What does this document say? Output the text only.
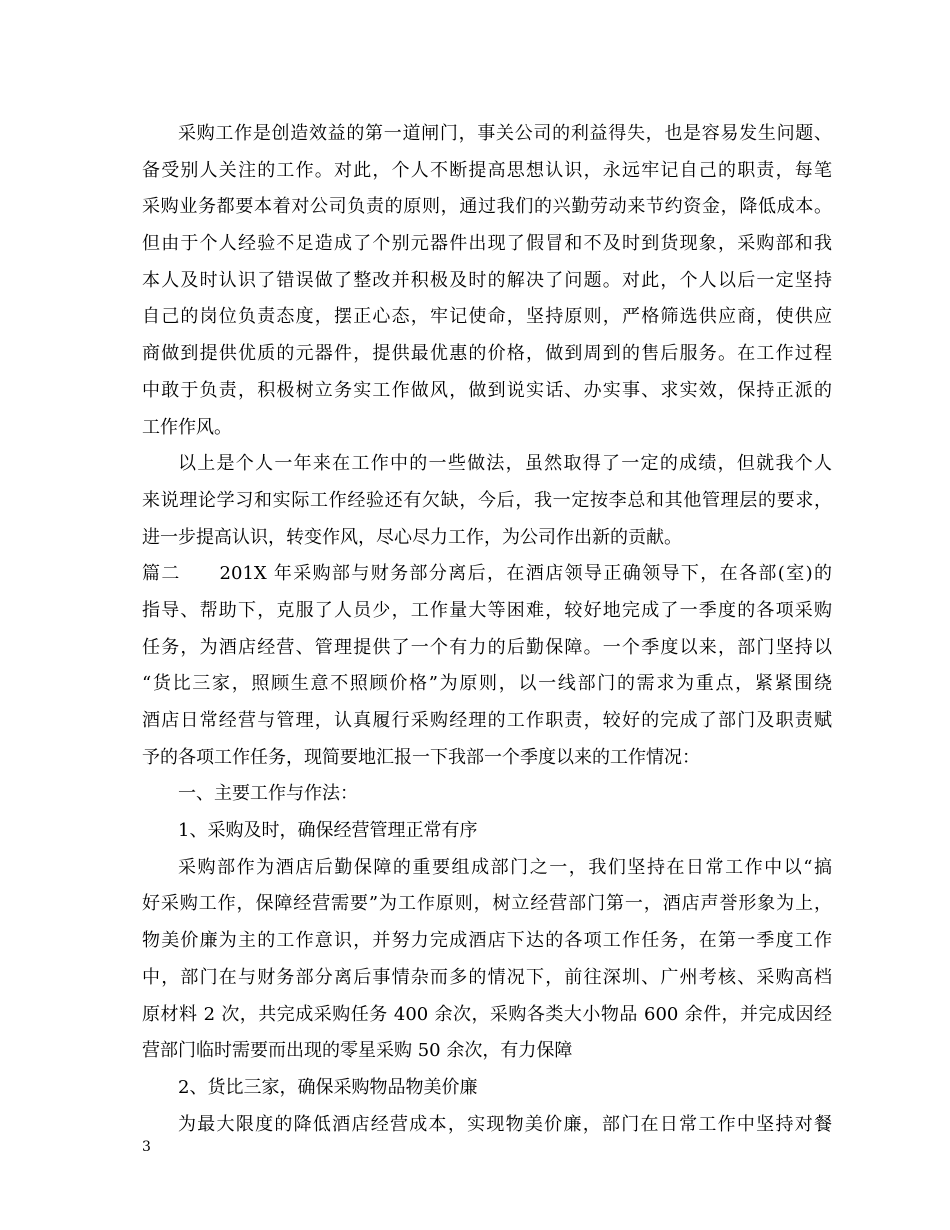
采购工作是创造效益的第一道闸门，事关公司的利益得失，也是容易发生问题、
备受别人关注的工作。对此，个人不断提高思想认识，永远牢记自己的职责，每笔
采购业务都要本着对公司负责的原则，通过我们的兴勤劳动来节约资金，降低成本。
但由于个人经验不足造成了个别元器件出现了假冒和不及时到货现象，采购部和我
本人及时认识了错误做了整改并积极及时的解决了问题。对此，个人以后一定坚持
自己的岗位负责态度，摆正心态，牢记使命，坚持原则，严格筛选供应商，使供应
商做到提供优质的元器件，提供最优惠的价格，做到周到的售后服务。在工作过程
中敢于负责，积极树立务实工作做风，做到说实话、办实事、求实效，保持正派的
工作作风。
以上是个人一年来在工作中的一些做法，虽然取得了一定的成绩，但就我个人
来说理论学习和实际工作经验还有欠缺，今后，我一定按李总和其他管理层的要求，
进一步提高认识，转变作风，尽心尽力工作，为公司作出新的贡献。
篇二　　201X 年采购部与财务部分离后，在酒店领导正确领导下，在各部(室)的
指导、帮助下，克服了人员少，工作量大等困难，较好地完成了一季度的各项采购
任务，为酒店经营、管理提供了一个有力的后勤保障。一个季度以来，部门坚持以
“货比三家，照顾生意不照顾价格”为原则，以一线部门的需求为重点，紧紧围绕
酒店日常经营与管理，认真履行采购经理的工作职责，较好的完成了部门及职责赋
予的各项工作任务，现简要地汇报一下我部一个季度以来的工作情况：
一、主要工作与作法：
1、采购及时，确保经营管理正常有序
采购部作为酒店后勤保障的重要组成部门之一，我们坚持在日常工作中以“搞
好采购工作，保障经营需要”为工作原则，树立经营部门第一，酒店声誉形象为上，
物美价廉为主的工作意识，并努力完成酒店下达的各项工作任务，在第一季度工作
中，部门在与财务部分离后事情杂而多的情况下，前往深圳、广州考核、采购高档
原材料 2 次，共完成采购任务 400 余次，采购各类大小物品 600 余件，并完成因经
营部门临时需要而出现的零星采购 50 余次，有力保障
2、货比三家，确保采购物品物美价廉
为最大限度的降低酒店经营成本，实现物美价廉，部门在日常工作中坚持对餐
3
